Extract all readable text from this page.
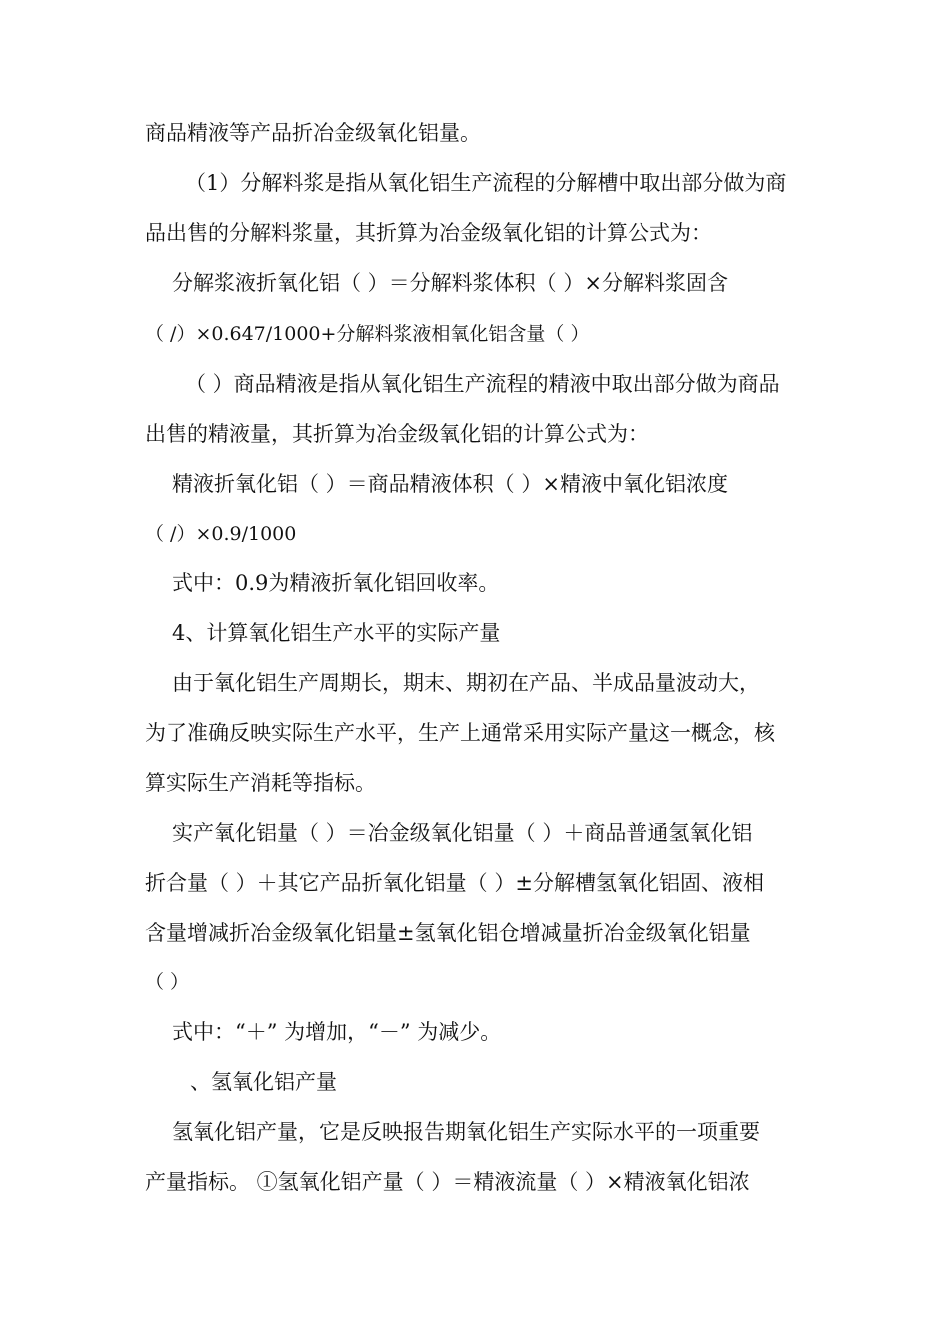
商品精液等产品折冶金级氧化铝量。
（1）分解料浆是指从氧化铝生产流程的分解槽中取出部分做为商
品出售的分解料浆量，其折算为冶金级氧化铝的计算公式为：
分解浆液折氧化铝（ ）＝分解料浆体积（ ）×分解料浆固含
（ /）×0.647/1000+分解料浆液相氧化铝含量（ ）
（ ）商品精液是指从氧化铝生产流程的精液中取出部分做为商品
出售的精液量，其折算为冶金级氧化铝的计算公式为：
精液折氧化铝（ ）＝商品精液体积（ ）×精液中氧化铝浓度
（ /）×0.9/1000
式中：0.9为精液折氧化铝回收率。
4、计算氧化铝生产水平的实际产量
由于氧化铝生产周期长，期末、期初在产品、半成品量波动大，
为了准确反映实际生产水平，生产上通常采用实际产量这一概念，核
算实际生产消耗等指标。
实产氧化铝量（ ）＝冶金级氧化铝量（ ）＋商品普通氢氧化铝
折合量（ ）＋其它产品折氧化铝量（ ）±分解槽氢氧化铝固、液相
含量增减折冶金级氧化铝量±氢氧化铝仓增减量折冶金级氧化铝量
（ ）
式中：“＋” 为增加，“－” 为减少。
、氢氧化铝产量
氢氧化铝产量，它是反映报告期氧化铝生产实际水平的一项重要
产量指标。 ①氢氧化铝产量（ ）＝精液流量（ ）×精液氧化铝浓
